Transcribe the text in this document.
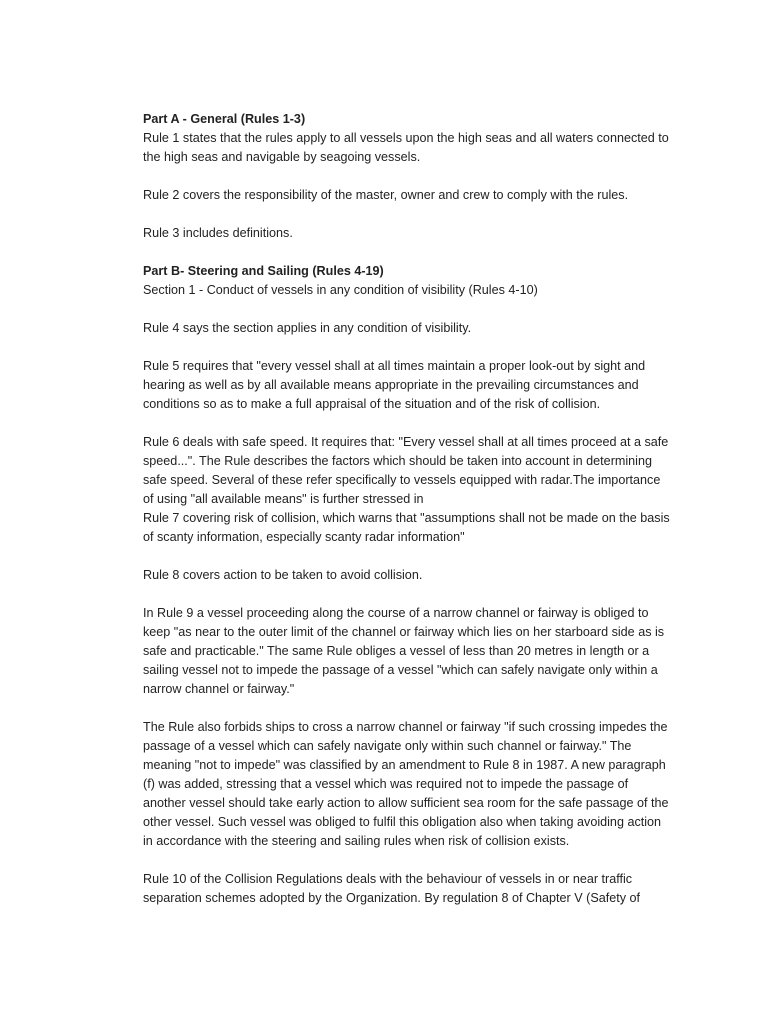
Part A - General (Rules 1-3)
Rule 1 states that the rules apply to all vessels upon the high seas and all waters connected to the high seas and navigable by seagoing vessels.

Rule 2 covers the responsibility of the master, owner and crew to comply with the rules.

Rule 3 includes definitions.

Part B- Steering and Sailing (Rules 4-19)
Section 1 - Conduct of vessels in any condition of visibility (Rules 4-10)

Rule 4 says the section applies in any condition of visibility.

Rule 5 requires that "every vessel shall at all times maintain a proper look-out by sight and hearing as well as by all available means appropriate in the prevailing circumstances and conditions so as to make a full appraisal of the situation and of the risk of collision.

Rule 6 deals with safe speed. It requires that: "Every vessel shall at all times proceed at a safe speed...". The Rule describes the factors which should be taken into account in determining safe speed. Several of these refer specifically to vessels equipped with radar.The importance of using "all available means" is further stressed in

Rule 7 covering risk of collision, which warns that "assumptions shall not be made on the basis of scanty information, especially scanty radar information"

Rule 8 covers action to be taken to avoid collision.

In Rule 9 a vessel proceeding along the course of a narrow channel or fairway is obliged to keep "as near to the outer limit of the channel or fairway which lies on her starboard side as is safe and practicable." The same Rule obliges a vessel of less than 20 metres in length or a sailing vessel not to impede the passage of a vessel "which can safely navigate only within a narrow channel or fairway."

The Rule also forbids ships to cross a narrow channel or fairway "if such crossing impedes the passage of a vessel which can safely navigate only within such channel or fairway." The meaning "not to impede" was classified by an amendment to Rule 8 in 1987. A new paragraph (f) was added, stressing that a vessel which was required not to impede the passage of another vessel should take early action to allow sufficient sea room for the safe passage of the other vessel. Such vessel was obliged to fulfil this obligation also when taking avoiding action in accordance with the steering and sailing rules when risk of collision exists.

Rule 10 of the Collision Regulations deals with the behaviour of vessels in or near traffic separation schemes adopted by the Organization. By regulation 8 of Chapter V (Safety of
